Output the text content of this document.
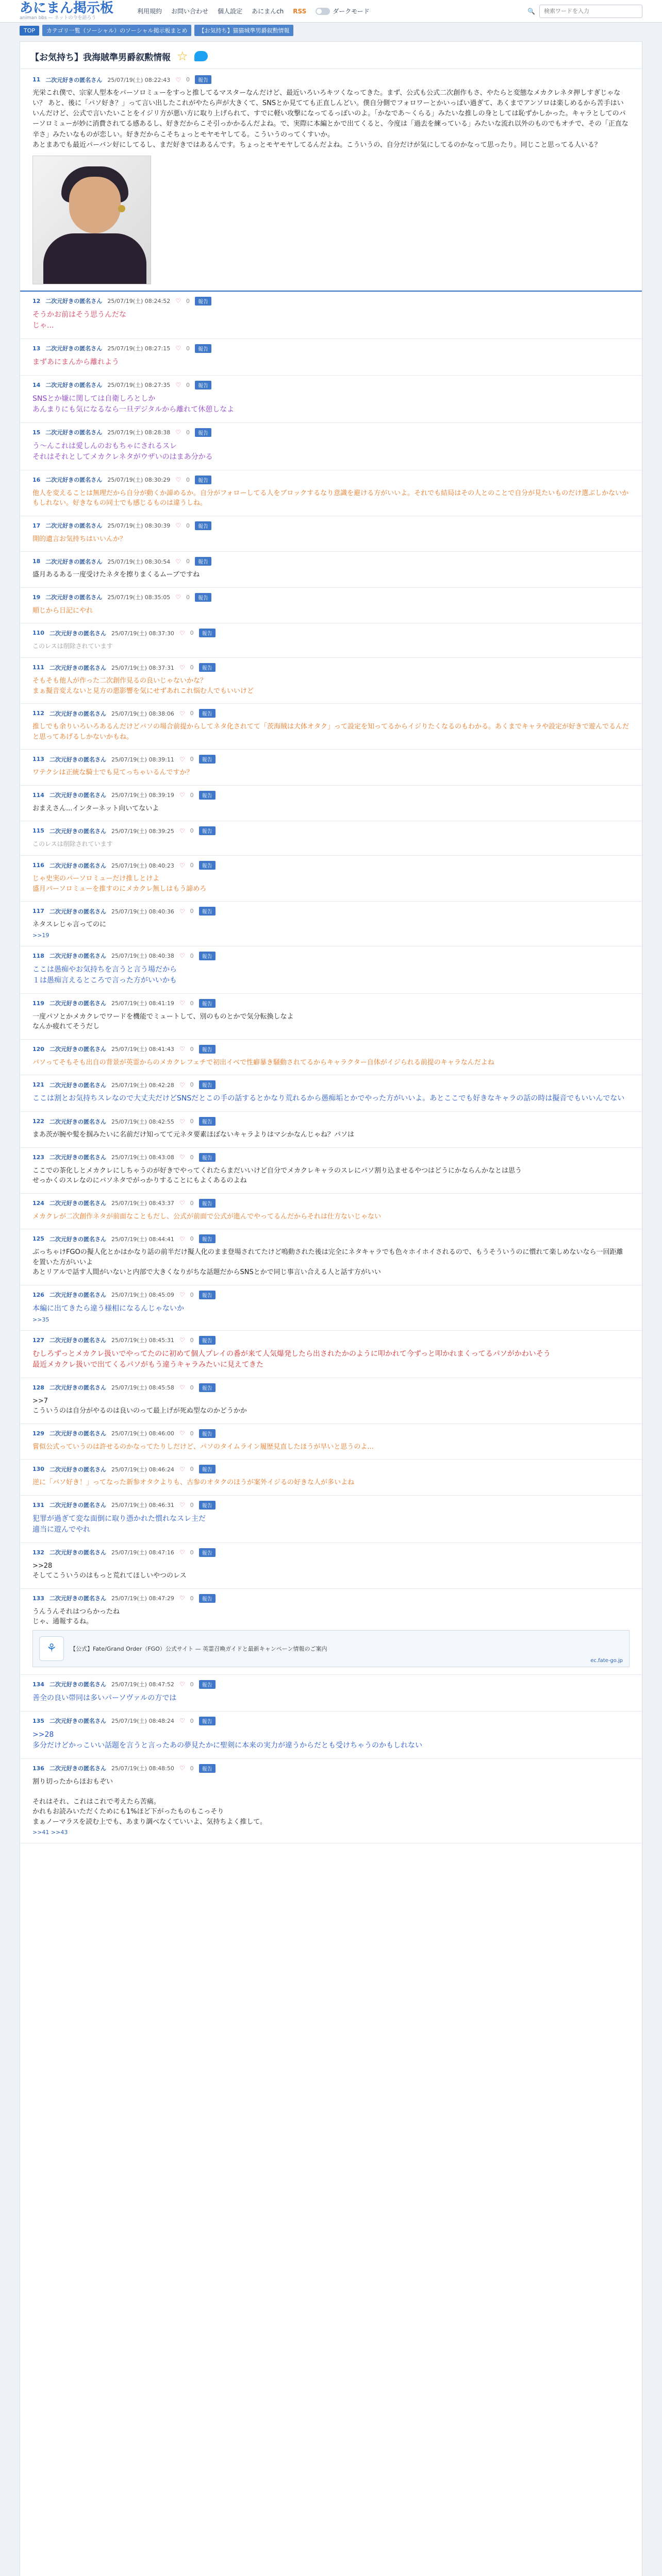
あにまん掲示板
animan bbs — ネットの今を語ろう
利用規約 お問い合わせ 個人設定 あにまんch RSS	ダークモード	🔍
検索ワードを入力
TOP	カテゴリ一覧（ソーシャル）のソーシャル掲示板まとめ	【お気持ち】猫猫城準男爵叙勲情報
【お気持ち】我海賊準男爵叙勲情報 ☆
11 二次元好きの匿名さん 25/07/19(土) 08:22:43 ♡ 0	報告
光栄これ僕で、宗家人型本をパーソロミューをすっと推してるマスターなんだけど、最近いろいろキツくなってきた。まず、公式も公式二次創作もさ、やたらと変態なメカクレネタ押しすぎじゃない？ あと、後に「パソ好き？」って言い出したこれがやたら声が大きくて、SNSとか見てても正直しんどい。僕自分側でフォロワーとかいっぱい過ぎて、あくまでアンソロは楽しめるから苦手はいいんだけど、公式で言いたいことをイジリ方が悪い方に取り上げられて、すでに軽い攻撃になってるっぽいのよ。「かなであ〜くらる」みたいな推しの身としては恥ずかしかった。キャラとしてのパーソロミューが妙に消費されてる感あるし、好きだからこそ引っかかるんだよね。で、実際に本編とかで出てくると、今度は「過去を練っている」みたいな流れ以外のものでもオチで、その「正直な辛さ」みたいなものが恋しい。好きだからこそちょっとモヤモヤしてる。こういうのってくすいか。
あとまあでも最近パーバン好にしてるし、まだ好きではあるんです。ちょっとモヤモヤしてるんだよね。こういうの、自分だけが気にしてるのかなって思ったり。同じこと思ってる人いる？
12 二次元好きの匿名さん 25/07/19(土) 08:24:52 ♡ 0	報告
そうかお前はそう思うんだな
じゃ...
13 二次元好きの匿名さん 25/07/19(土) 08:27:15 ♡ 0	報告
まずあにまんから離れよう
14 二次元好きの匿名さん 25/07/19(土) 08:27:35 ♡ 0	報告
SNSとか嫌に関しては自衛しろとしか
あんまりにも気になるなら一旦デジタルから離れて休憩しなよ
15 二次元好きの匿名さん 25/07/19(土) 08:28:38 ♡ 0	報告
う〜んこれは愛しんのおもちゃにされるスレ
それはそれとしてメカクレネタがウザいのはまあ分かる
16 二次元好きの匿名さん 25/07/19(土) 08:30:29 ♡ 0	報告
他人を変えることは無理だから自分が動くか諦めるか。自分がフォローしてる人をブロックするなり意識を避ける方がいいよ。それでも結局はその人とのことで自分が見たいものだけ選ぶしかないかもしれない。好きなもの同士でも感じるものは違うしね。
17 二次元好きの匿名さん 25/07/19(土) 08:30:39 ♡ 0	報告
開的遺言お気持ちはいいんか？
18 二次元好きの匿名さん 25/07/19(土) 08:30:54 ♡ 0	報告
盛月あるある一度受けたネタを擦りまくるムーブですね
19 二次元好きの匿名さん 25/07/19(土) 08:35:05 ♡ 0	報告
順じから日記にやれ
110 二次元好きの匿名さん 25/07/19(土) 08:37:30 ♡ 0	報告
このレスは削除されています
111 二次元好きの匿名さん 25/07/19(土) 08:37:31 ♡ 0	報告
そもそも他人が作った二次創作見るの良いじゃないかな？
まぁ擬音変えないと見方の悪影響を気にせずあれこれ悩む人でもいいけど
112 二次元好きの匿名さん 25/07/19(土) 08:38:06 ♡ 0	報告
推しでも余りいろいろあるんだけどパソの場合前提からしてネタ化されてて「茨海賊は大体オタク」って設定を知ってるからイジりたくなるのもわかる。あくまでキャラや設定が好きで遊んでるんだと思ってあげるしかないかもね。
113 二次元好きの匿名さん 25/07/19(土) 08:39:11 ♡ 0	報告
ワテクシは正統な騎士でも見てっちゃいるんですか？
114 二次元好きの匿名さん 25/07/19(土) 08:39:19 ♡ 0	報告
おまえさん...インターネット向いてないよ
115 二次元好きの匿名さん 25/07/19(土) 08:39:25 ♡ 0	報告
このレスは削除されています
116 二次元好きの匿名さん 25/07/19(土) 08:40:23 ♡ 0	報告
じゃ史実のパーソロミューだけ推しとけよ
盛月パーソロミューを推すのにメカクレ無しはもう諦めろ
117 二次元好きの匿名さん 25/07/19(土) 08:40:36 ♡ 0	報告
ネタスレじゃ言ってのに
>>19
118 二次元好きの匿名さん 25/07/19(土) 08:40:38 ♡ 0	報告
ここは愚痴やお気持ちを言うと言う場だから
１は愚痴言えるところで言った方がいいかも
119 二次元好きの匿名さん 25/07/19(土) 08:41:19 ♡ 0	報告
一度パソとかメカクレでワードを機能でミュートして、別のものとかで気分転換しなよ
なんか疲れてそうだし
120 二次元好きの匿名さん 25/07/19(土) 08:41:43 ♡ 0	報告
パソってそもそも出自の背景が英霊からのメカクレフェチで初出イベで性癖暴き騒動されてるからキャラクター自体がイジられる前提のキャラなんだよね
121 二次元好きの匿名さん 25/07/19(土) 08:42:28 ♡ 0	報告
ここは割とお気持ちスレなので大丈夫だけどSNSだとこの手の話するとかなり荒れるから愚痴垢とかでやった方がいいよ。あとここでも好きなキャラの話の時は擬音でもいいんでない
122 二次元好きの匿名さん 25/07/19(土) 08:42:55 ♡ 0	報告
まあ茨が腕や髪を掴みたいに名前だけ知ってて元ネタ要素ほぼないキャラよりはマシかなんじゃね？パソは
123 二次元好きの匿名さん 25/07/19(土) 08:43:08 ♡ 0	報告
ここでの茶化しとメカクレにしちゃうのが好きでやってくれたらまだいいけど自分でメカクレキャラのスレにパソ割り込ませるやつはどうにかならんかなとは思う
せっかくのスレなのにパソネタでがっかりすることにもよくあるのよね
124 二次元好きの匿名さん 25/07/19(土) 08:43:37 ♡ 0	報告
メカクレが二次創作ネタが前面なこともだし、公式が前面で公式が進んでやってるんだからそれは仕方ないじゃない
125 二次元好きの匿名さん 25/07/19(土) 08:44:41 ♡ 0	報告
ぶっちゃけFGOの擬人化とかはかなり話の前半だけ擬人化のまま登場されてたけど鳴動された後は完全にネタキャラでも色々ホイホイされるので、もうそういうのに慣れて楽しめないなら一回距離を置いた方がいいよ
あとリアルで話す人間がいないと内部で大きくなりがちな話題だからSNSとかで同じ事言い合える人と話す方がいい
126 二次元好きの匿名さん 25/07/19(土) 08:45:09 ♡ 0	報告
本編に出てきたら違う様相になるんじゃないか
>>35
127 二次元好きの匿名さん 25/07/19(土) 08:45:31 ♡ 0	報告
むしろずっとメカクレ扱いでやってたのに初めて個人プレイの番が来て人気爆発したら出されたかのように叩かれて今ずっと叩かれまくってるパソがかわいそう
最近メカクレ扱いで出てくるパソがもう違うキャラみたいに見えてきた
128 二次元好きの匿名さん 25/07/19(土) 08:45:58 ♡ 0	報告
>>7
こういうのは自分がやるのは良いのって最上げが死ぬ型なのかどうかか
129 二次元好きの匿名さん 25/07/19(土) 08:46:00 ♡ 0	報告
嘗似公式っていうのは許せるのかなってたりしだけど、パソのタイムライン履歴見直したほうが早いと思うのよ...
130 二次元好きの匿名さん 25/07/19(土) 08:46:24 ♡ 0	報告
逆に「パソ好き！」ってなった新参オタクよりも、古参のオタクのほうが案外イジるの好きな人が多いよね
131 二次元好きの匿名さん 25/07/19(土) 08:46:31 ♡ 0	報告
犯罪が過ぎて変な面倒に取り憑かれた慣れなスレ主だ
適当に遊んでやれ
132 二次元好きの匿名さん 25/07/19(土) 08:47:16 ♡ 0	報告
>>28
そしてこういうのはもっと荒れてほしいやつのレス
133 二次元好きの匿名さん 25/07/19(土) 08:47:29 ♡ 0	報告
うんうんそれはつらかったね
じゃ、通報するね。
⚘	【公式】Fate/Grand Order（FGO）公式サイト — 英霊召喚ガイドと最新キャンペーン情報のご案内
ec.fate-go.jp
134 二次元好きの匿名さん 25/07/19(土) 08:47:52 ♡ 0	報告
善全の良い帯同は多いパーソヴァルの方では
135 二次元好きの匿名さん 25/07/19(土) 08:48:24 ♡ 0	報告
>>28
多分だけどかっこいい話題を言うと言ったあの夢見たかに聖剣に本来の実力が違うからだとも受けちゃうのかもしれない
136 二次元好きの匿名さん 25/07/19(土) 08:48:50 ♡ 0	報告
割り切ったからほおもぞい

それはそれ、これはこれで考えたら苦痛。
かれもお読みいただくためにも1%ほど下がったものもこっそり
まぁノーマラスを読む上でも、あまり調べなくていいよ、気持ちよく推して。
>>41 >>43
